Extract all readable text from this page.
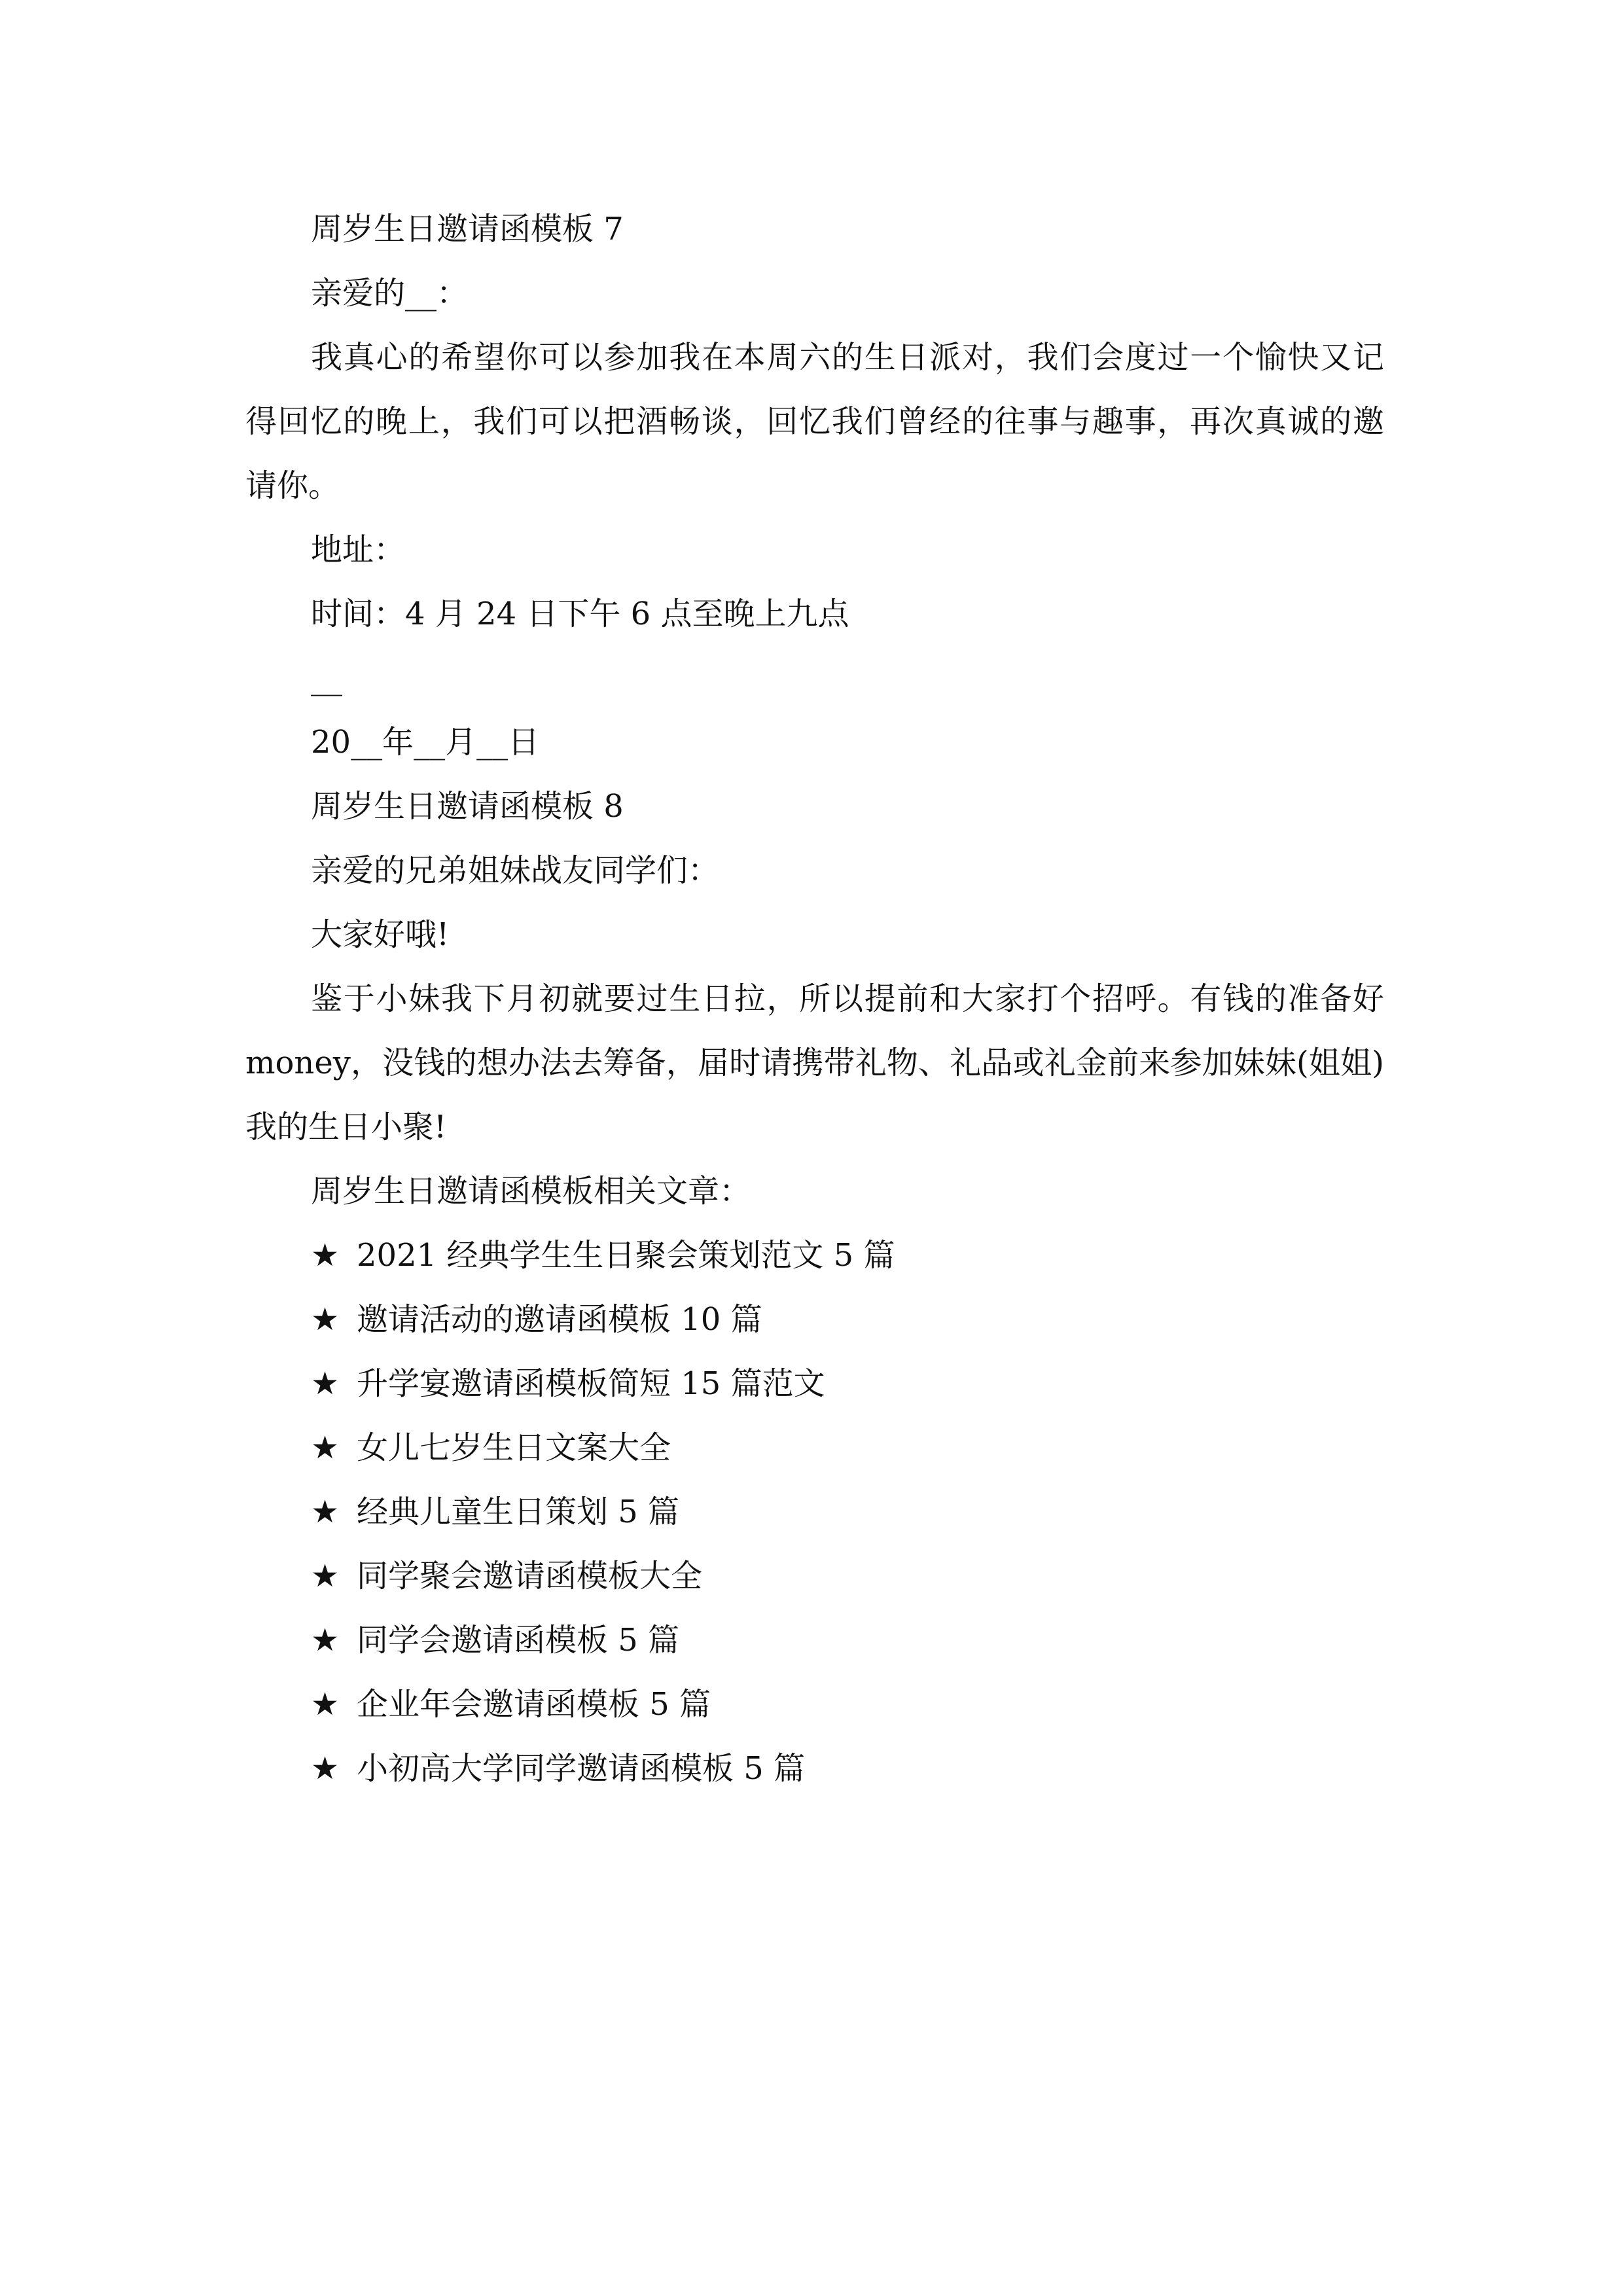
周岁生日邀请函模板 7
亲爱的__：
我真心的希望你可以参加我在本周六的生日派对，我们会度过一个愉快又记
得回忆的晚上，我们可以把酒畅谈，回忆我们曾经的往事与趣事，再次真诚的邀
请你。
地址：
时间：4 月 24 日下午 6 点至晚上九点
__
20__年__月__日
周岁生日邀请函模板 8
亲爱的兄弟姐妹战友同学们：
大家好哦!
鉴于小妹我下月初就要过生日拉，所以提前和大家打个招呼。有钱的准备好
money，没钱的想办法去筹备，届时请携带礼物、礼品或礼金前来参加妹妹(姐姐)
我的生日小聚!
周岁生日邀请函模板相关文章：
★ 2021 经典学生生日聚会策划范文 5 篇
★ 邀请活动的邀请函模板 10 篇
★ 升学宴邀请函模板简短 15 篇范文
★ 女儿七岁生日文案大全
★ 经典儿童生日策划 5 篇
★ 同学聚会邀请函模板大全
★ 同学会邀请函模板 5 篇
★ 企业年会邀请函模板 5 篇
★ 小初高大学同学邀请函模板 5 篇
